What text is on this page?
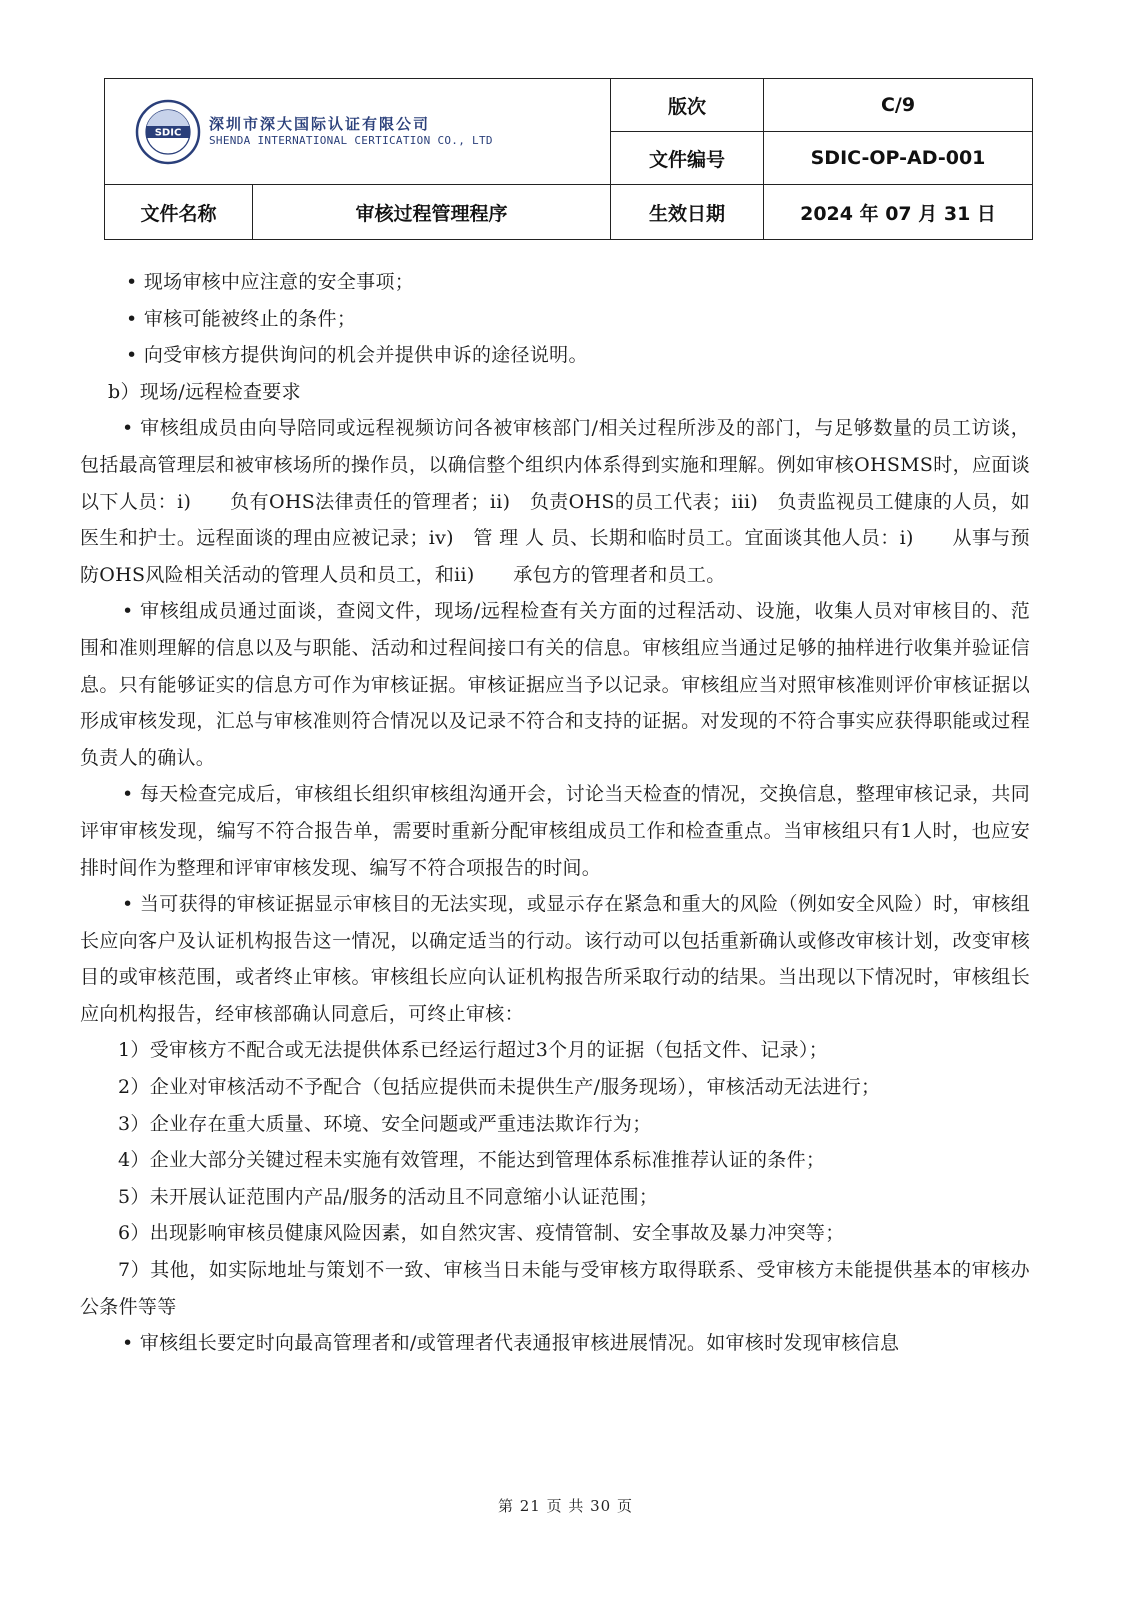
SDIC 深圳市深大国际认证有限公司
SHENDA INTERNATIONAL CERTICATION CO., LTD		版次	C/9
		文件编号	SDIC-OP-AD-001
文件名称	审核过程管理程序	生效日期	2024 年 07 月 31 日

• 现场审核中应注意的安全事项；

• 审核可能被终止的条件；

• 向受审核方提供询问的机会并提供申诉的途径说明。

b）现场/远程检查要求

• 审核组成员由向导陪同或远程视频访问各被审核部门/相关过程所涉及的部门，与足够数量的员工访谈，包括最高管理层和被审核场所的操作员，以确信整个组织内体系得到实施和理解。例如审核OHSMS时，应面谈以下人员：i)　　负有OHS法律责任的管理者；ii)　负责OHS的员工代表；iii)　负责监视员工健康的人员，如医生和护士。远程面谈的理由应被记录；iv)　管 理 人 员、长期和临时员工。宜面谈其他人员：i)　　从事与预防OHS风险相关活动的管理人员和员工，和ii)　　承包方的管理者和员工。

• 审核组成员通过面谈，查阅文件，现场/远程检查有关方面的过程活动、设施，收集人员对审核目的、范围和准则理解的信息以及与职能、活动和过程间接口有关的信息。审核组应当通过足够的抽样进行收集并验证信息。只有能够证实的信息方可作为审核证据。审核证据应当予以记录。审核组应当对照审核准则评价审核证据以形成审核发现，汇总与审核准则符合情况以及记录不符合和支持的证据。对发现的不符合事实应获得职能或过程负责人的确认。

• 每天检查完成后，审核组长组织审核组沟通开会，讨论当天检查的情况，交换信息，整理审核记录，共同评审审核发现，编写不符合报告单，需要时重新分配审核组成员工作和检查重点。当审核组只有1人时，也应安排时间作为整理和评审审核发现、编写不符合项报告的时间。

• 当可获得的审核证据显示审核目的无法实现，或显示存在紧急和重大的风险（例如安全风险）时，审核组长应向客户及认证机构报告这一情况，以确定适当的行动。该行动可以包括重新确认或修改审核计划，改变审核目的或审核范围，或者终止审核。审核组长应向认证机构报告所采取行动的结果。当出现以下情况时，审核组长应向机构报告，经审核部确认同意后，可终止审核：

1）受审核方不配合或无法提供体系已经运行超过3个月的证据（包括文件、记录）；

2）企业对审核活动不予配合（包括应提供而未提供生产/服务现场），审核活动无法进行；

3）企业存在重大质量、环境、安全问题或严重违法欺诈行为；

4）企业大部分关键过程未实施有效管理，不能达到管理体系标准推荐认证的条件；

5）未开展认证范围内产品/服务的活动且不同意缩小认证范围；

6）出现影响审核员健康风险因素，如自然灾害、疫情管制、安全事故及暴力冲突等；

7）其他，如实际地址与策划不一致、审核当日未能与受审核方取得联系、受审核方未能提供基本的审核办公条件等等

• 审核组长要定时向最高管理者和/或管理者代表通报审核进展情况。如审核时发现审核信息

第 21 页 共 30 页
